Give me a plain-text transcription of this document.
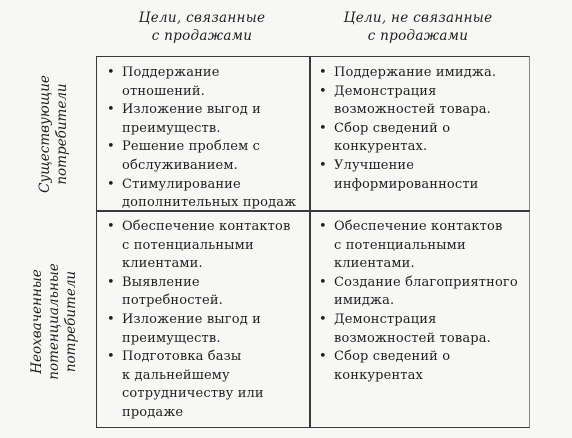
Цели, связанные
с продажами
Цели, не связанные
с продажами
Существующие
потребители
Неохваченные
потенциальные
потребители
• Поддержание
отношений.
• Изложение выгод и
преимуществ.
• Решение проблем с
обслуживанием.
• Стимулирование
дополнительных продаж
• Поддержание имиджа.
• Демонстрация
возможностей товара.
• Сбор сведений о
конкурентах.
• Улучшение
информированности
• Обеспечение контактов
с потенциальными
клиентами.
• Выявление
потребностей.
• Изложение выгод и
преимуществ.
• Подготовка базы
к дальнейшему
сотрудничеству или
продаже
• Обеспечение контактов
с потенциальными
клиентами.
• Создание благоприятного
имиджа.
• Демонстрация
возможностей товара.
• Сбор сведений о
конкурентах
